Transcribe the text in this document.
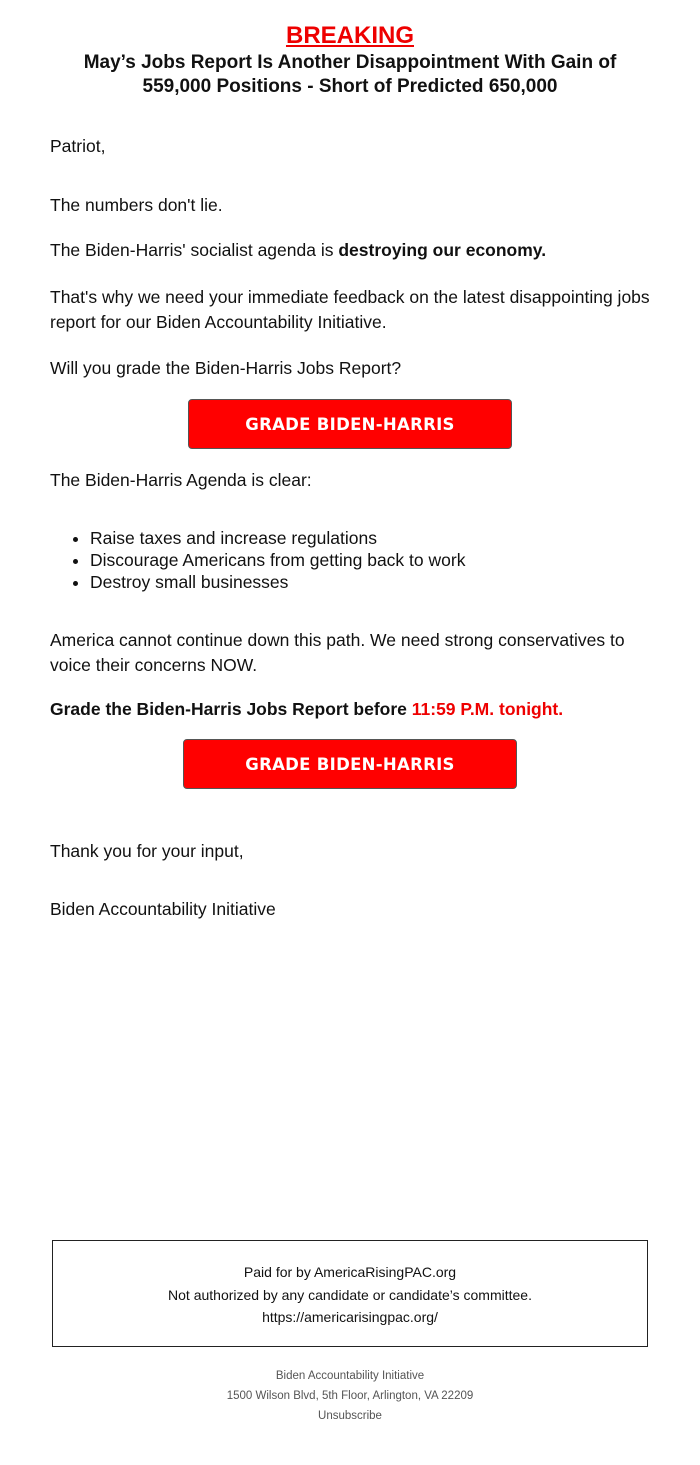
BREAKING
May’s Jobs Report Is Another Disappointment With Gain of 559,000 Positions - Short of Predicted 650,000

Patriot,

The numbers don't lie.

The Biden-Harris' socialist agenda is destroying our economy.

That's why we need your immediate feedback on the latest disappointing jobs report for our Biden Accountability Initiative.

Will you grade the Biden-Harris Jobs Report?

GRADE BIDEN-HARRIS

The Biden-Harris Agenda is clear:

• Raise taxes and increase regulations
• Discourage Americans from getting back to work
• Destroy small businesses

America cannot continue down this path. We need strong conservatives to voice their concerns NOW.

Grade the Biden-Harris Jobs Report before 11:59 P.M. tonight.

GRADE BIDEN-HARRIS

Thank you for your input,

Biden Accountability Initiative

Paid for by AmericaRisingPAC.org
Not authorized by any candidate or candidate’s committee.
https://americarisingpac.org/
Biden Accountability Initiative
1500 Wilson Blvd, 5th Floor, Arlington, VA 22209
Unsubscribe
